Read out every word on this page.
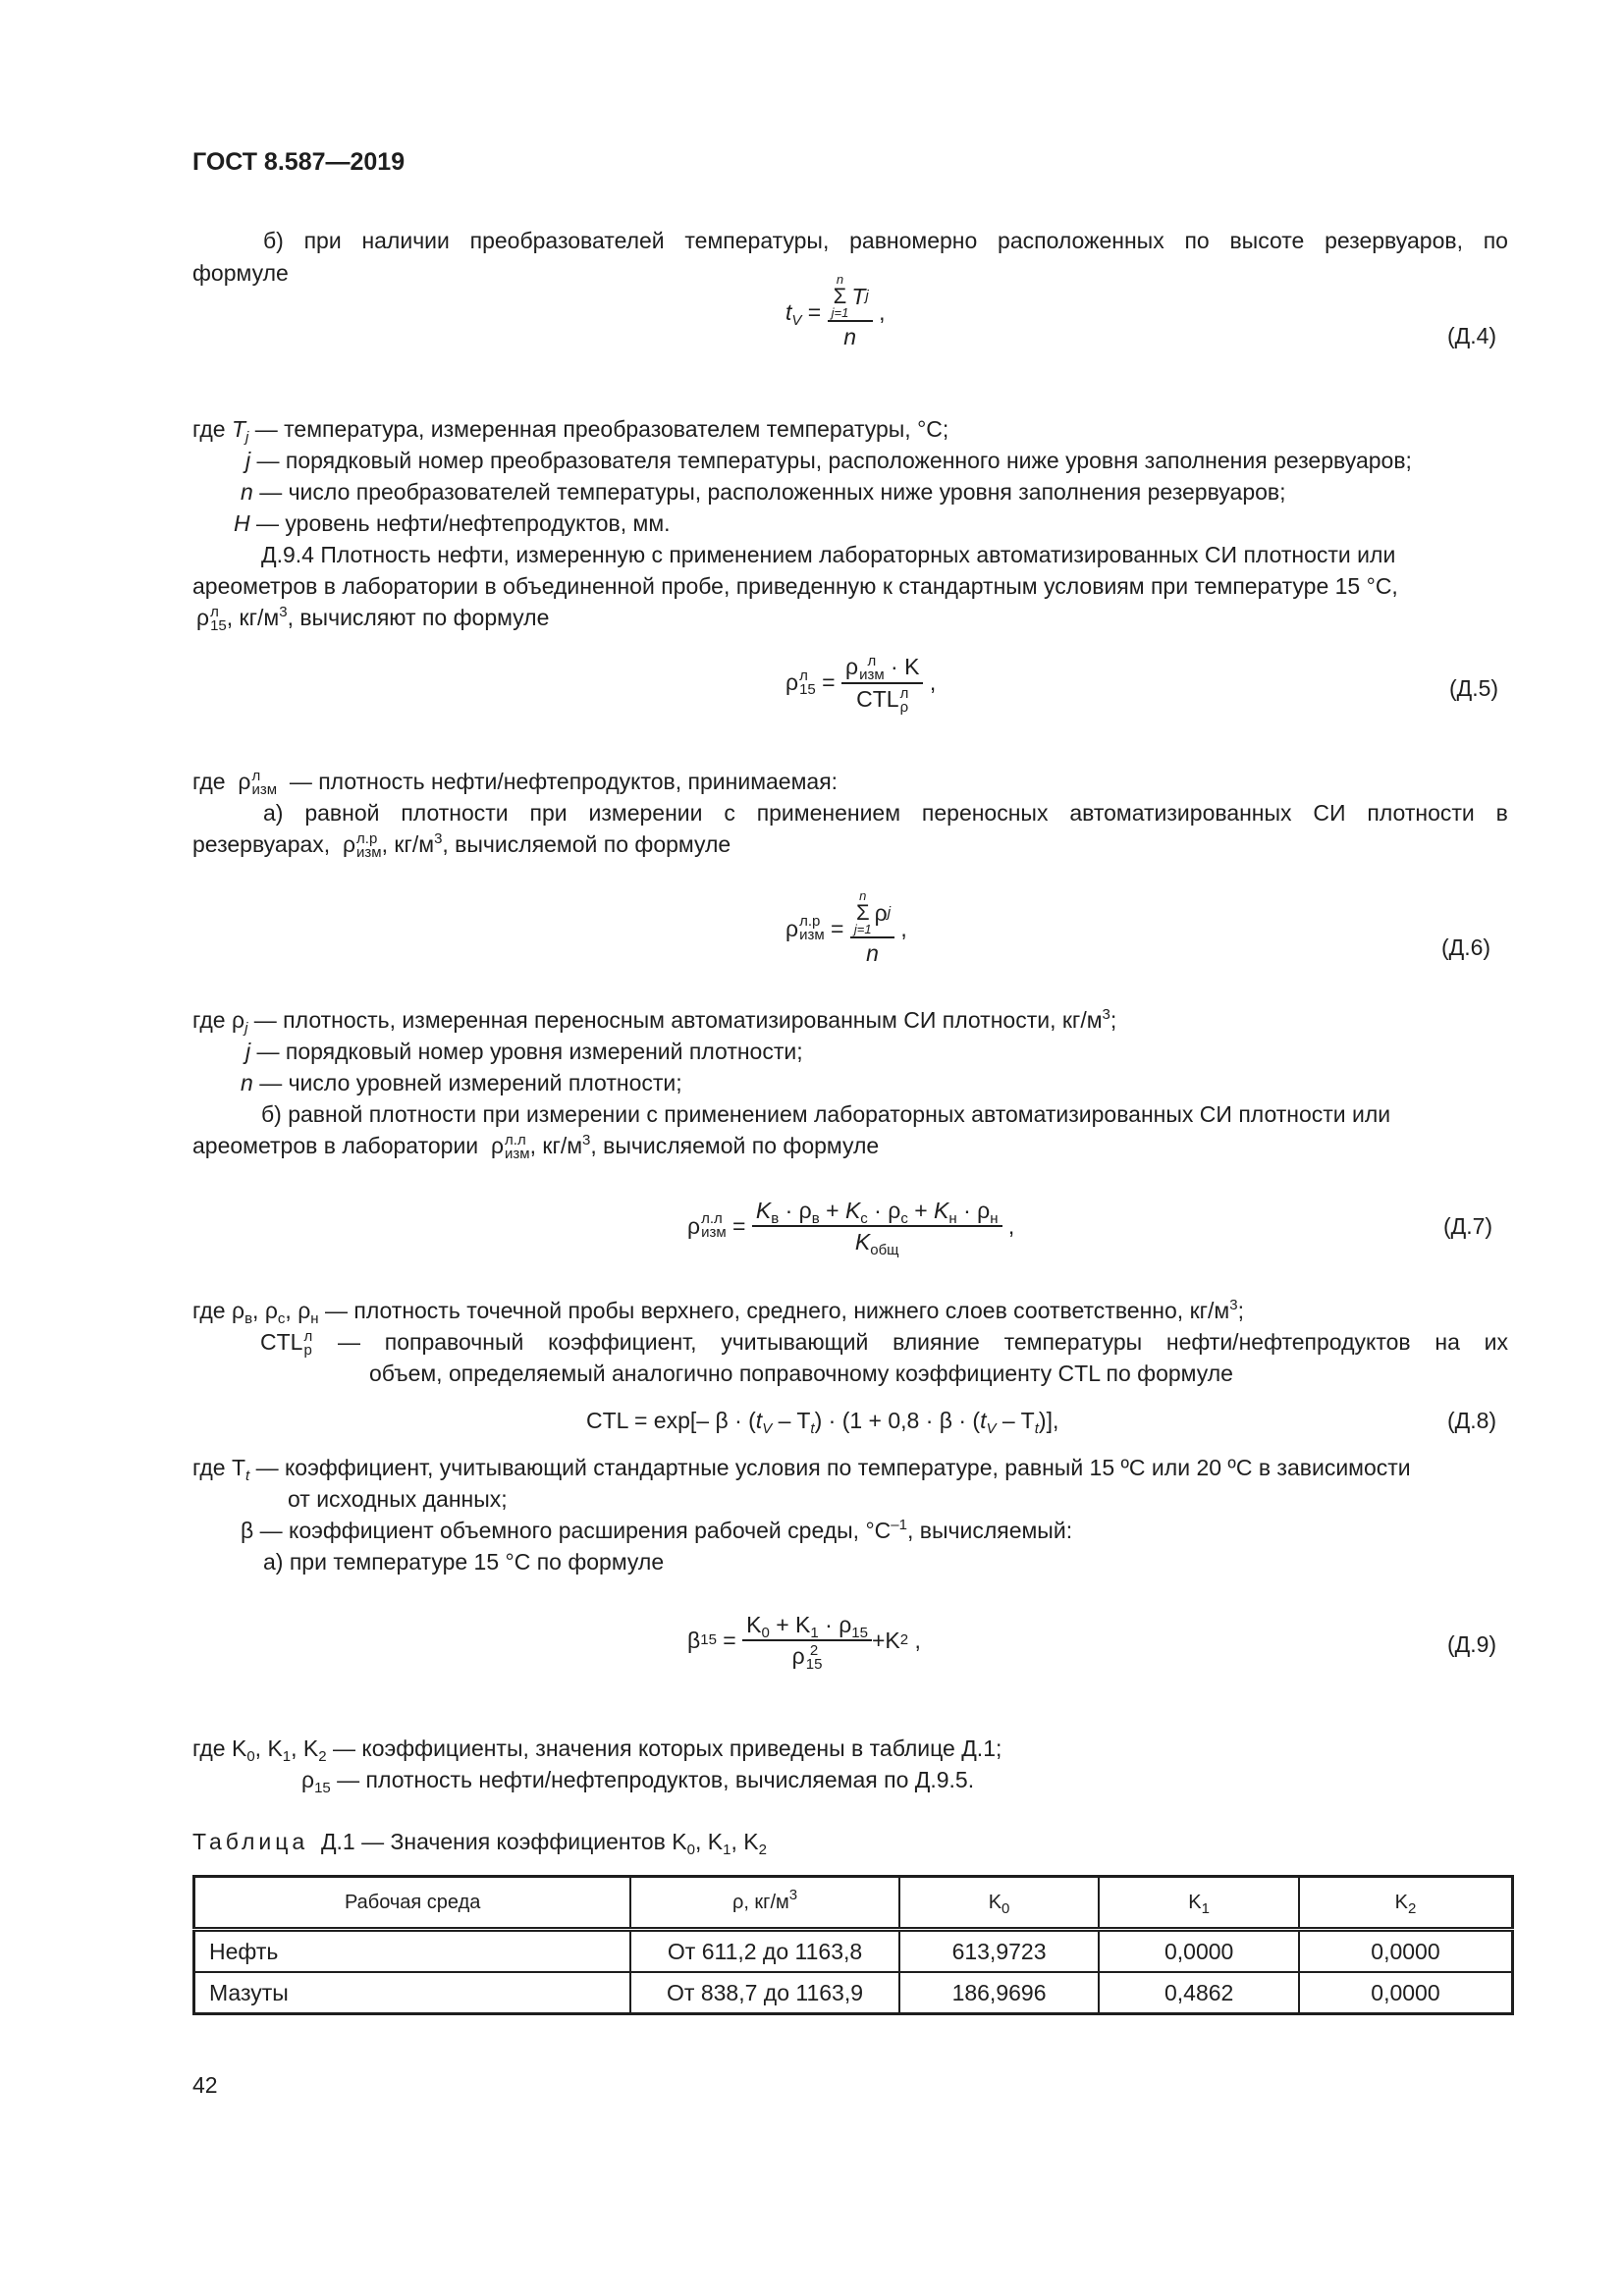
ГОСТ 8.587—2019
б) при наличии преобразователей температуры, равномерно расположенных по высоте резервуаров, по
формуле
$t_V = n$
Σ
j=1
T j
n ,
(Д.4)
где $T_j$ — температура, измеренная преобразователем температуры, °С;
j — порядковый номер преобразователя температуры, расположенного ниже уровня заполнения резервуаров;
n — число преобразователей температуры, расположенных ниже уровня заполнения резервуаров;
H — уровень нефти/нефтепродуктов, мм.
Д.9.4 Плотность нефти, измеренную с применением лабораторных автоматизированных СИ плотности или
ареометров в лаборатории в объединенной пробе, приведенную к стандартным условиям при температуре 15 °С,
ρ л
15 , $кг/м^3$, вычисляют по формуле
ρ л
15 = ρ л
изм · K
CTL л
ρ ,	(Д.5)
где ρ л
изм — плотность нефти/нефтепродуктов, принимаемая:
а) равной плотности при измерении с применением переносных автоматизированных СИ плотности в
резервуарах, ρ л.р
изм , $кг/м^3$, вычисляемой по формуле
ρ л.р
изм = n
Σ
j=1
ρ j
n ,
(Д.6)
где $\rho_j$ — плотность, измеренная переносным автоматизированным СИ плотности, $кг/м^3$;
j — порядковый номер уровня измерений плотности;
n — число уровней измерений плотности;
б) равной плотности при измерении с применением лабораторных автоматизированных СИ плотности или
ареометров в лаборатории ρ л.л
изм , $кг/м^3$, вычисляемой по формуле
ρ л.л
изм = $\frac{K_в \cdot \rho_в + K_с \cdot \rho_с + K_н \cdot \rho_н}{K_{общ}}$ ,	(Д.7)
где $\rho_в$, $\rho_с$, $\rho_н$ — плотность точечной пробы верхнего, среднего, нижнего слоев соответственно, $кг/м^3$;
CTL л
р — поправочный коэффициент, учитывающий влияние температуры нефти/нефтепродуктов на их
объем, определяемый аналогично поправочному коэффициенту CTL по формуле
CTL = exp[– $\beta \cdot (t_V - T_t) \cdot (1 + 0,8 \cdot \beta \cdot (t_V - T_t)]$,	(Д.8)
где $T_t$ — коэффициент, учитывающий стандартные условия по температуре, равный 15 ºС или 20 ºС в зависимости
от исходных данных;
β — коэффициент объемного расширения рабочей среды, $^\circ С^{-1}$, вычисляемый:
а) при температуре 15 °С по формуле
β $15 = K_0 + K_1 \cdot \rho_{15}$
ρ 2
15 + K 2 ,	(Д.9)
где $K_0$, $K_1$, $K_2$ — коэффициенты, значения которых приведены в таблице Д.1;
$\rho_{15}$ — плотность нефти/нефтепродуктов, вычисляемая по Д.9.5.
Таблица Д.1 — Значения коэффициентов $K_0$, $K_1$, $K_2$
Рабочая среда	ρ, $кг/м^3$	$K_0$	$K_1$	$K_2$
Нефть	От 611,2 до 1163,8	613,9723	0,0000	0,0000
Мазуты	От 838,7 до 1163,9	186,9696	0,4862	0,0000
42
